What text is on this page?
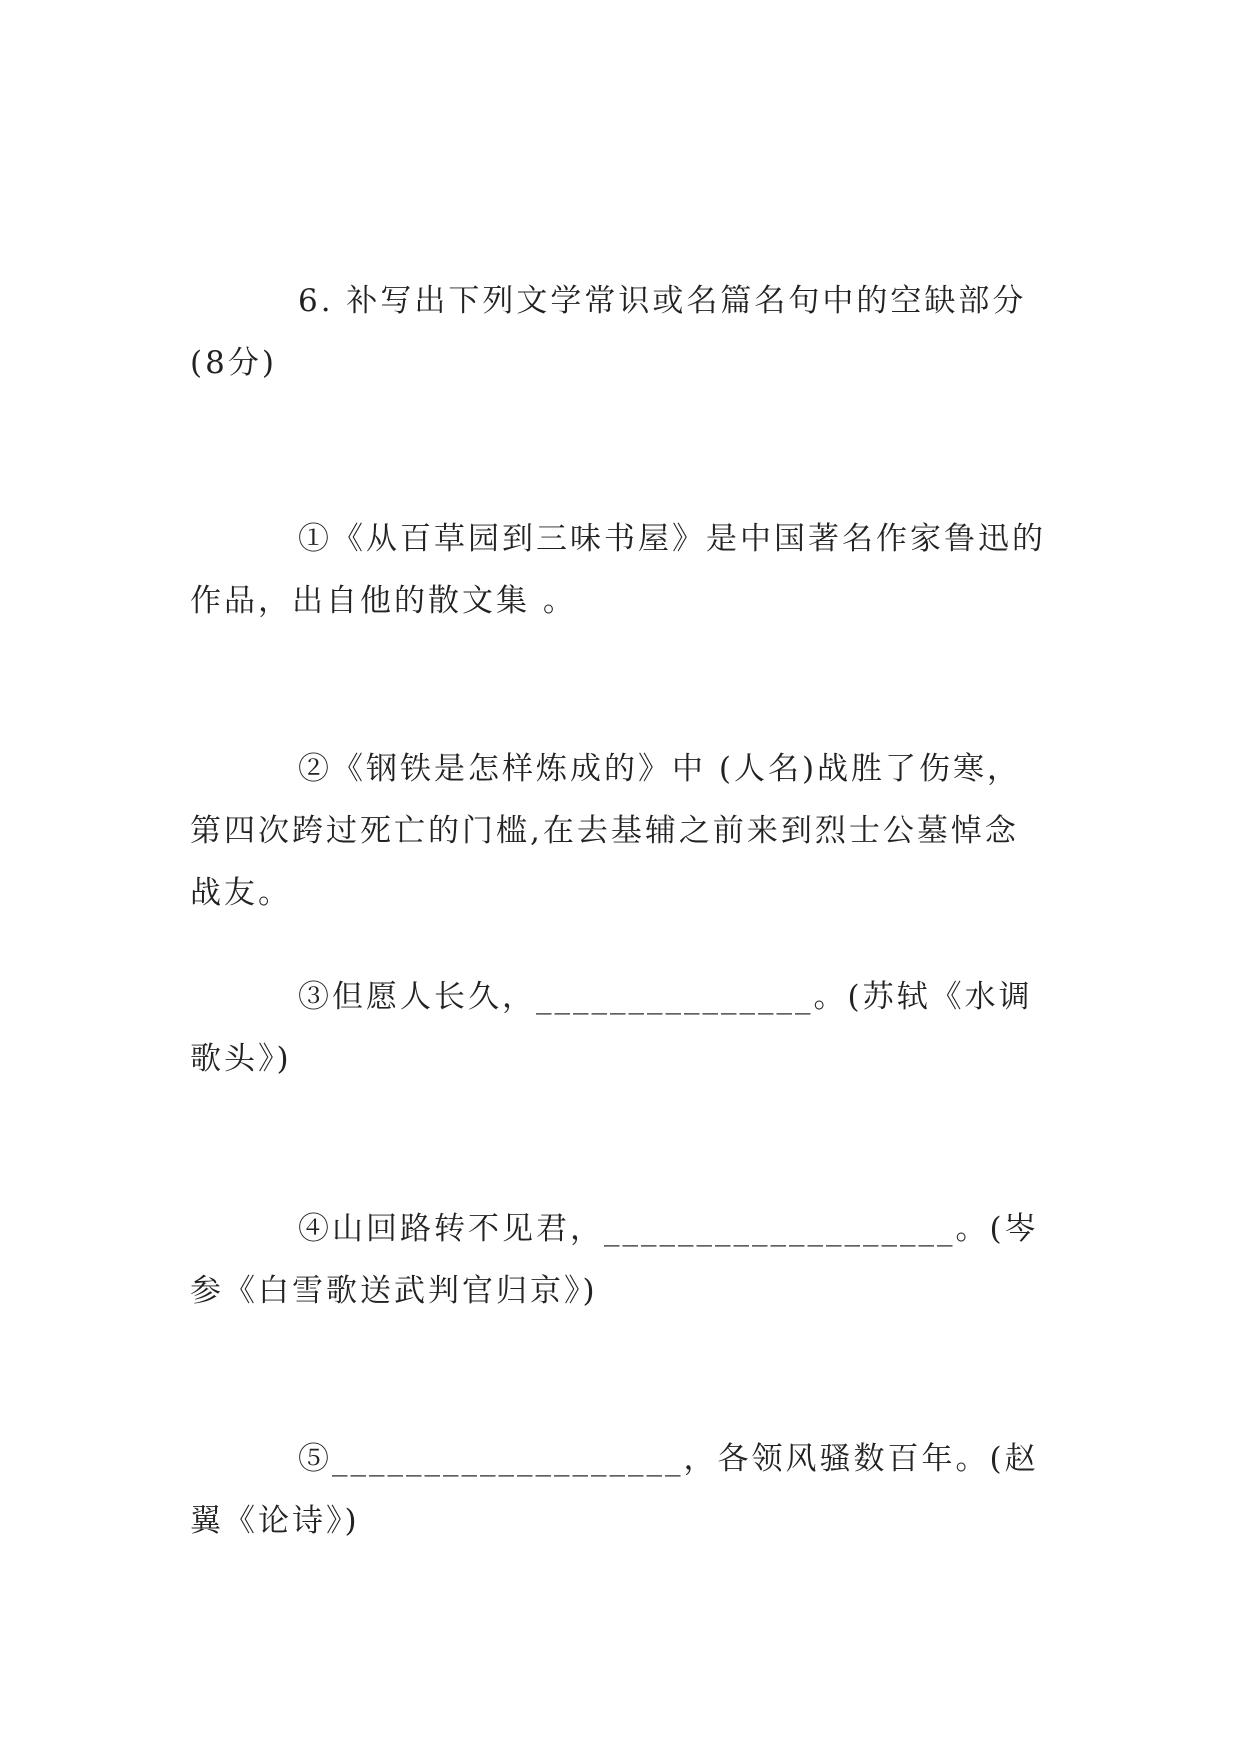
6. 补写出下列文学常识或名篇名句中的空缺部分(8分)
①《从百草园到三味书屋》是中国著名作家鲁迅的作品，出自他的散文集 。
②《钢铁是怎样炼成的》中 (人名)战胜了伤寒，第四次跨过死亡的门槛,在去基辅之前来到烈士公墓悼念战友。
③但愿人长久，_______________。(苏轼《水调歌头》)
④山回路转不见君，___________________。(岑参《白雪歌送武判官归京》)
⑤___________________，各领风骚数百年。(赵翼《论诗》)
